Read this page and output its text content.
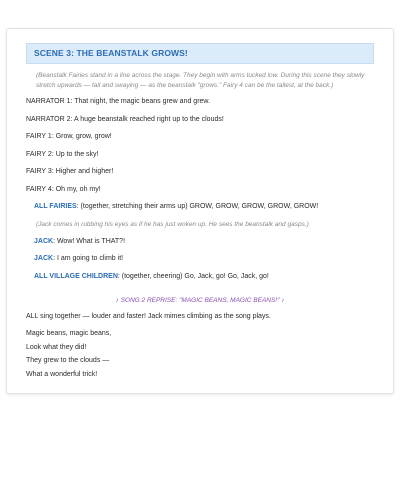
SCENE 3: THE BEANSTALK GROWS!
(Beanstalk Fairies stand in a line across the stage. They begin with arms tucked low. During this scene they slowly stretch upwards — tall and swaying — as the beanstalk "grows." Fairy 4 can be the tallest, at the back.)
NARRATOR 1: That night, the magic beans grew and grew.
NARRATOR 2: A huge beanstalk reached right up to the clouds!
FAIRY 1: Grow, grow, grow!
FAIRY 2: Up to the sky!
FAIRY 3: Higher and higher!
FAIRY 4: Oh my, oh my!
ALL FAIRIES: (together, stretching their arms up) GROW, GROW, GROW, GROW, GROW!
(Jack comes in rubbing his eyes as if he has just woken up. He sees the beanstalk and gasps.)
JACK: Wow! What is THAT?!
JACK: I am going to climb it!
ALL VILLAGE CHILDREN: (together, cheering) Go, Jack, go! Go, Jack, go!
♪ SONG 2 REPRISE: "MAGIC BEANS, MAGIC BEANS!" ♪
ALL sing together — louder and faster! Jack mimes climbing as the song plays.
Magic beans, magic beans,
Look what they did!
They grew to the clouds —
What a wonderful trick!
